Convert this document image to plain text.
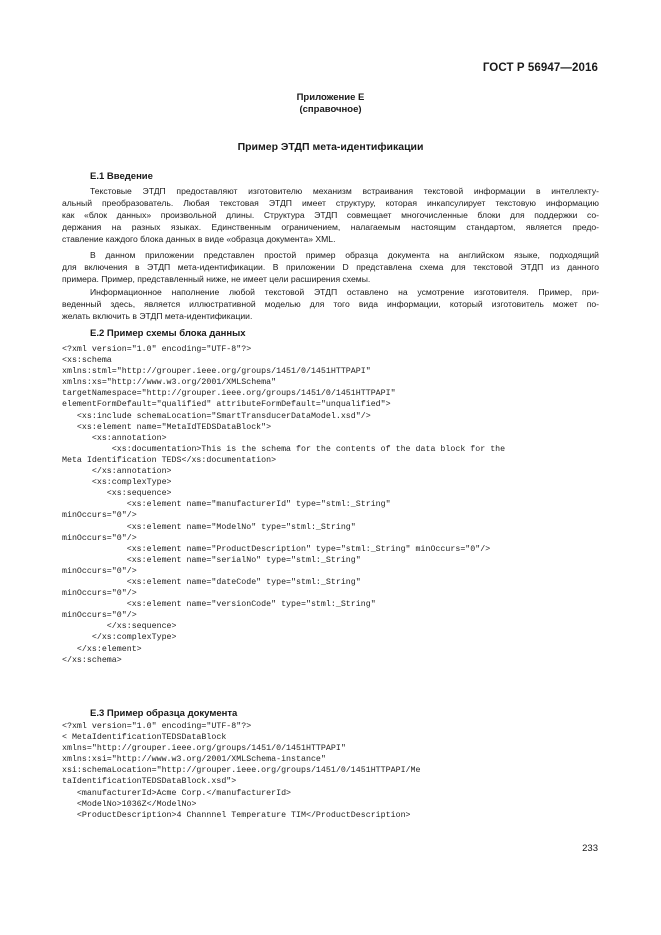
ГОСТ Р 56947—2016
Приложение Е
(справочное)
Пример ЭТДП мета-идентификации
Е.1 Введение
Текстовые ЭТДП предоставляют изготовителю механизм встраивания текстовой информации в интеллекту-
альный преобразователь. Любая текстовая ЭТДП имеет структуру, которая инкапсулирует текстовую информацию
как «блок данных» произвольной длины. Структура ЭТДП совмещает многочисленные блоки для поддержки со-
держания на разных языках. Единственным ограничением, налагаемым настоящим стандартом, является предо-
ставление каждого блока данных в виде «образца документа» XML.
В данном приложении представлен простой пример образца документа на английском языке, подходящий
для включения в ЭТДП мета-идентификации. В приложении D представлена схема для текстовой ЭТДП из данного
примера. Пример, представленный ниже, не имеет цели расширения схемы.
Информационное наполнение любой текстовой ЭТДП оставлено на усмотрение изготовителя. Пример, при-
веденный здесь, является иллюстративной моделью для того вида информации, который изготовитель может по-
желать включить в ЭТДП мета-идентификации.
Е.2 Пример схемы блока данных
<?xml version="1.0" encoding="UTF-8"?>
<xs:schema
xmlns:stml="http://grouper.ieee.org/groups/1451/0/1451HTTPAPI"
xmlns:xs="http://www.w3.org/2001/XMLSchema"
targetNamespace="http://grouper.ieee.org/groups/1451/0/1451HTTPAPI"
elementFormDefault="qualified" attributeFormDefault="unqualified">
<xs:include schemaLocation="SmartTransducerDataModel.xsd"/>
<xs:element name="MetaIdTEDSDataBlock">
<xs:annotation>
<xs:documentation>This is the schema for the contents of the data block for the
Meta Identification TEDS</xs:documentation>
</xs:annotation>
<xs:complexType>
<xs:sequence>
<xs:element name="manufacturerId" type="stml:_String"
minOccurs="0"/>
<xs:element name="ModelNo" type="stml:_String"
minOccurs="0"/>
<xs:element name="ProductDescription" type="stml:_String" minOccurs="0"/>
<xs:element name="serialNo" type="stml:_String"
minOccurs="0"/>
<xs:element name="dateCode" type="stml:_String"
minOccurs="0"/>
<xs:element name="versionCode" type="stml:_String"
minOccurs="0"/>
</xs:sequence>
</xs:complexType>
</xs:element>
</xs:schema>
Е.3 Пример образца документа
<?xml version="1.0" encoding="UTF-8"?>
< MetaIdentificationTEDSDataBlock
xmlns="http://grouper.ieee.org/groups/1451/0/1451HTTPAPI"
xmlns:xsi="http://www.w3.org/2001/XMLSchema-instance"
xsi:schemaLocation="http://grouper.ieee.org/groups/1451/0/1451HTTPAPI/Me
taIdentificationTEDSDataBlock.xsd">
<manufacturerId>Acme Corp.</manufacturerId>
<ModelNo>1036Z</ModelNo>
<ProductDescription>4 Channnel Temperature TIM</ProductDescription>
233
